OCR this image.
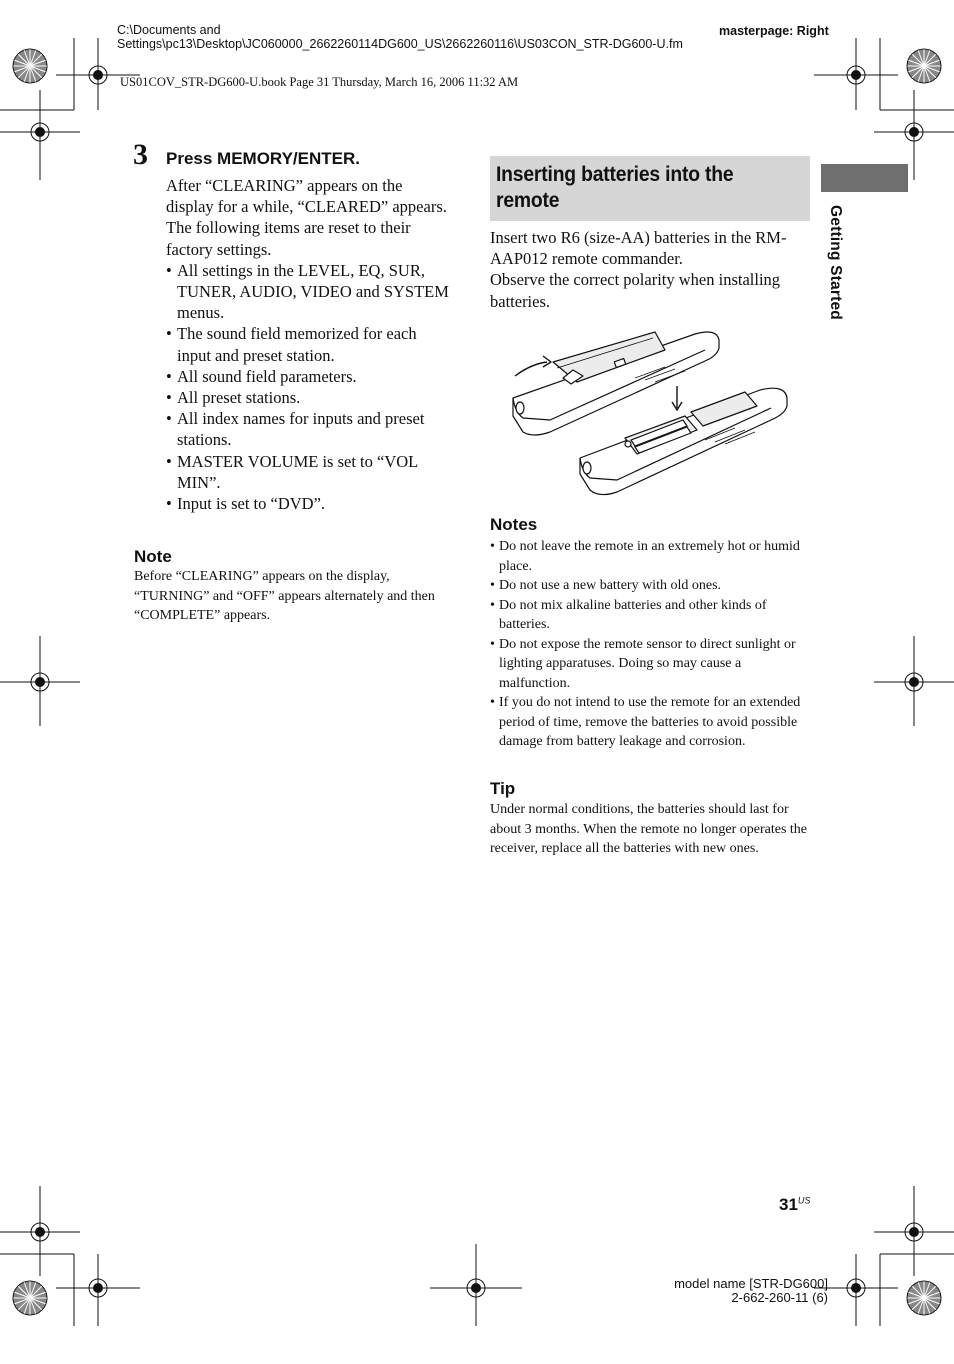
C:\Documents and Settings\pc13\Desktop\JC060000_2662260114DG600_US\2662260116\US03CON_STR-DG600-U.fm
masterpage: Right
US01COV_STR-DG600-U.book Page 31 Thursday, March 16, 2006 11:32 AM
3 Press MEMORY/ENTER.

After “CLEARING” appears on the display for a while, “CLEARED” appears.

The following items are reset to their factory settings.

• All settings in the LEVEL, EQ, SUR, TUNER, AUDIO, VIDEO and SYSTEM menus.
• The sound field memorized for each input and preset station.
• All sound field parameters.
• All preset stations.
• All index names for inputs and preset stations.
• MASTER VOLUME is set to “VOL MIN”.
• Input is set to “DVD”.
Note
Before “CLEARING” appears on the display, “TURNING” and “OFF” appears alternately and then “COMPLETE” appears.
Inserting batteries into the remote

Insert two R6 (size-AA) batteries in the RM-AAP012 remote commander.

Observe the correct polarity when installing batteries.

Notes
• Do not leave the remote in an extremely hot or humid place.
• Do not use a new battery with old ones.
• Do not mix alkaline batteries and other kinds of batteries.
• Do not expose the remote sensor to direct sunlight or lighting apparatuses. Doing so may cause a malfunction.
• If you do not intend to use the remote for an extended period of time, remove the batteries to avoid possible damage from battery leakage and corrosion.
Tip
Under normal conditions, the batteries should last for about 3 months. When the remote no longer operates the receiver, replace all the batteries with new ones.
Getting Started
$31^{US}$
model name [STR-DG600]
2-662-260-11 (6)
